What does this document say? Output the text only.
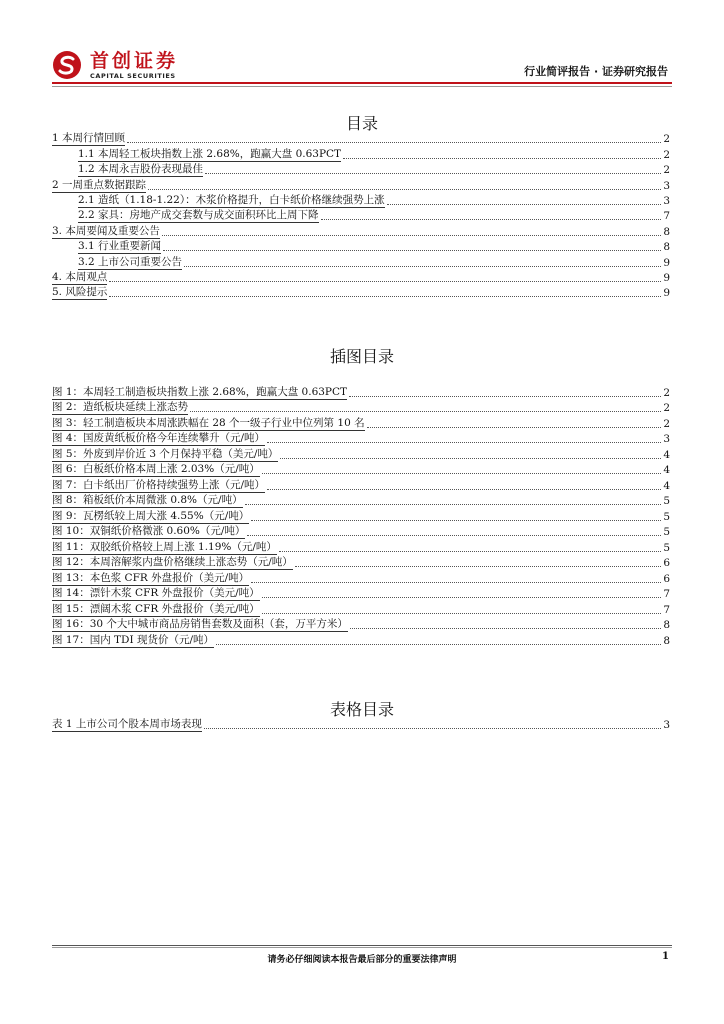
首创证券
CAPITAL SECURITIES	行业简评报告 · 证券研究报告
目录
1 本周行情回顾	2
1.1 本周轻工板块指数上涨 2.68%，跑赢大盘 0.63PCT	2
1.2 本周永吉股份表现最佳	2
2 一周重点数据跟踪	3
2.1 造纸（1.18-1.22）：木浆价格提升，白卡纸价格继续强势上涨	3
2.2 家具：房地产成交套数与成交面积环比上周下降	7
3. 本周要闻及重要公告	8
3.1 行业重要新闻	8
3.2 上市公司重要公告	9
4. 本周观点	9
5. 风险提示	9
插图目录
图 1：本周轻工制造板块指数上涨 2.68%，跑赢大盘 0.63PCT	2
图 2：造纸板块延续上涨态势	2
图 3：轻工制造板块本周涨跌幅在 28 个一级子行业中位列第 10 名	2
图 4：国废黄纸板价格今年连续攀升（元/吨）	3
图 5：外废到岸价近 3 个月保持平稳（美元/吨）	4
图 6：白板纸价格本周上涨 2.03%（元/吨）	4
图 7：白卡纸出厂价格持续强势上涨（元/吨）	4
图 8：箱板纸价本周微涨 0.8%（元/吨）	5
图 9：瓦楞纸较上周大涨 4.55%（元/吨）	5
图 10：双铜纸价格微涨 0.60%（元/吨）	5
图 11：双胶纸价格较上周上涨 1.19%（元/吨）	5
图 12：本周溶解浆内盘价格继续上涨态势（元/吨）	6
图 13：本色浆 CFR 外盘报价（美元/吨）	6
图 14：漂针木浆 CFR 外盘报价（美元/吨）	7
图 15：漂阔木浆 CFR 外盘报价（美元/吨）	7
图 16：30 个大中城市商品房销售套数及面积（套，万平方米）	8
图 17：国内 TDI 现货价（元/吨）	8
表格目录
表 1 上市公司个股本周市场表现	3
请务必仔细阅读本报告最后部分的重要法律声明	1
